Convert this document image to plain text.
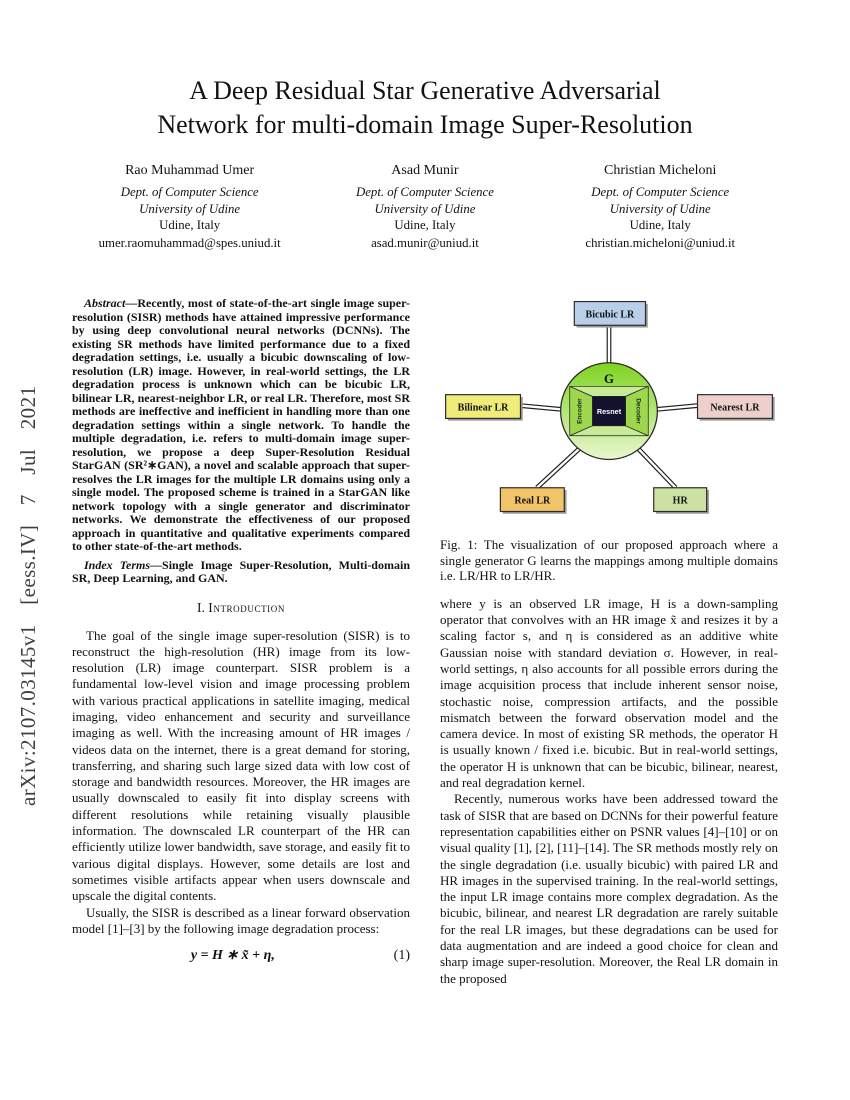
arXiv:2107.03145v1 [eess.IV] 7 Jul 2021
A Deep Residual Star Generative Adversarial
Network for multi-domain Image Super-Resolution
Rao Muhammad Umer
Dept. of Computer Science
University of Udine
Udine, Italy
umer.raomuhammad@spes.uniud.it
Asad Munir
Dept. of Computer Science
University of Udine
Udine, Italy
asad.munir@uniud.it
Christian Micheloni
Dept. of Computer Science
University of Udine
Udine, Italy
christian.micheloni@uniud.it

Abstract—Recently, most of state-of-the-art single image super-resolution (SISR) methods have attained impressive performance by using deep convolutional neural networks (DCNNs). The existing SR methods have limited performance due to a fixed degradation settings, i.e. usually a bicubic downscaling of low-resolution (LR) image. However, in real-world settings, the LR degradation process is unknown which can be bicubic LR, bilinear LR, nearest-neighbor LR, or real LR. Therefore, most SR methods are ineffective and inefficient in handling more than one degradation settings within a single network. To handle the multiple degradation, i.e. refers to multi-domain image super-resolution, we propose a deep Super-Resolution Residual StarGAN (SR²∗GAN), a novel and scalable approach that super-resolves the LR images for the multiple LR domains using only a single model. The proposed scheme is trained in a StarGAN like network topology with a single generator and discriminator networks. We demonstrate the effectiveness of our proposed approach in quantitative and qualitative experiments compared to other state-of-the-art methods.

Index Terms—Single Image Super-Resolution, Multi-domain SR, Deep Learning, and GAN.

I. Introduction

The goal of the single image super-resolution (SISR) is to reconstruct the high-resolution (HR) image from its low-resolution (LR) image counterpart. SISR problem is a fundamental low-level vision and image processing problem with various practical applications in satellite imaging, medical imaging, video enhancement and security and surveillance imaging as well. With the increasing amount of HR images / videos data on the internet, there is a great demand for storing, transferring, and sharing such large sized data with low cost of storage and bandwidth resources. Moreover, the HR images are usually downscaled to easily fit into display screens with different resolutions while retaining visually plausible information. The downscaled LR counterpart of the HR can efficiently utilize lower bandwidth, save storage, and easily fit to various digital displays. However, some details are lost and sometimes visible artifacts appear when users downscale and upscale the digital contents.

Usually, the SISR is described as a linear forward observation model [1]–[3] by the following image degradation process:

y = H ∗ x̃ + η,	(1)
G
Resnet
Encoder	Decoder
Bicubic LR
Bilinear LR	Nearest LR
Real LR	HR

Fig. 1: The visualization of our proposed approach where a single generator G learns the mappings among multiple domains i.e. LR/HR to LR/HR.

where y is an observed LR image, H is a down-sampling operator that convolves with an HR image x̃ and resizes it by a scaling factor s, and η is considered as an additive white Gaussian noise with standard deviation σ. However, in real-world settings, η also accounts for all possible errors during the image acquisition process that include inherent sensor noise, stochastic noise, compression artifacts, and the possible mismatch between the forward observation model and the camera device. In most of existing SR methods, the operator H is usually known / fixed i.e. bicubic. But in real-world settings, the operator H is unknown that can be bicubic, bilinear, nearest, and real degradation kernel.

Recently, numerous works have been addressed toward the task of SISR that are based on DCNNs for their powerful feature representation capabilities either on PSNR values [4]–[10] or on visual quality [1], [2], [11]–[14]. The SR methods mostly rely on the single degradation (i.e. usually bicubic) with paired LR and HR images in the supervised training. In the real-world settings, the input LR image contains more complex degradation. As the bicubic, bilinear, and nearest LR degradation are rarely suitable for the real LR images, but these degradations can be used for data augmentation and are indeed a good choice for clean and sharp image super-resolution. Moreover, the Real LR domain in the proposed
